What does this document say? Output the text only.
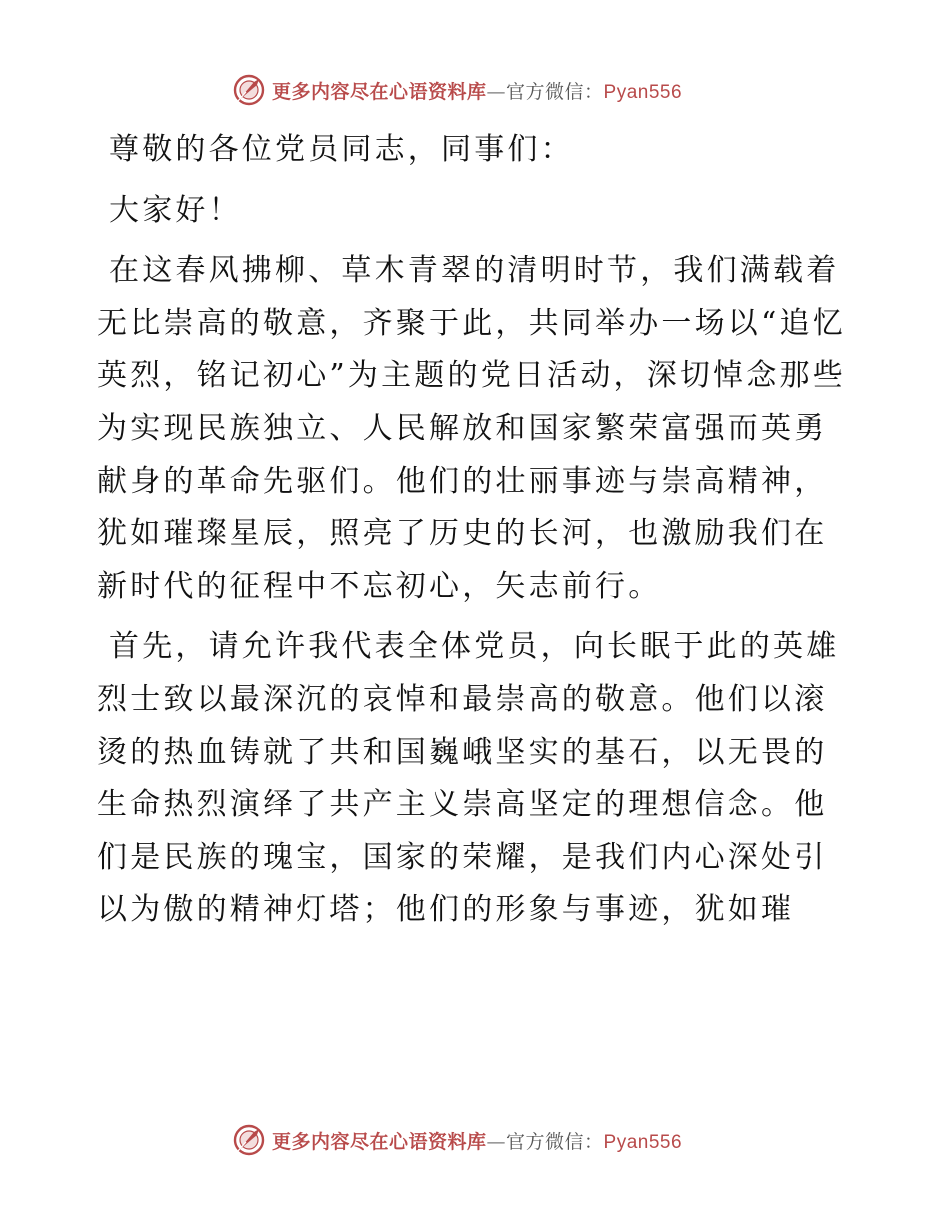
更多内容尽在心语资料库—官方微信：Pyan556

尊敬的各位党员同志，同事们：

大家好！

在这春风拂柳、草木青翠的清明时节，我们满载着无比崇高的敬意，齐聚于此，共同举办一场以“追忆英烈，铭记初心”为主题的党日活动，深切悼念那些为实现民族独立、人民解放和国家繁荣富强而英勇献身的革命先驱们。他们的壮丽事迹与崇高精神，犹如璀璨星辰，照亮了历史的长河，也激励我们在新时代的征程中不忘初心，矢志前行。

首先，请允许我代表全体党员，向长眠于此的英雄烈士致以最深沉的哀悼和最崇高的敬意。他们以滚烫的热血铸就了共和国巍峨坚实的基石，以无畏的生命热烈演绎了共产主义崇高坚定的理想信念。他们是民族的瑰宝，国家的荣耀，是我们内心深处引以为傲的精神灯塔；他们的形象与事迹，犹如璀

更多内容尽在心语资料库—官方微信：Pyan556
